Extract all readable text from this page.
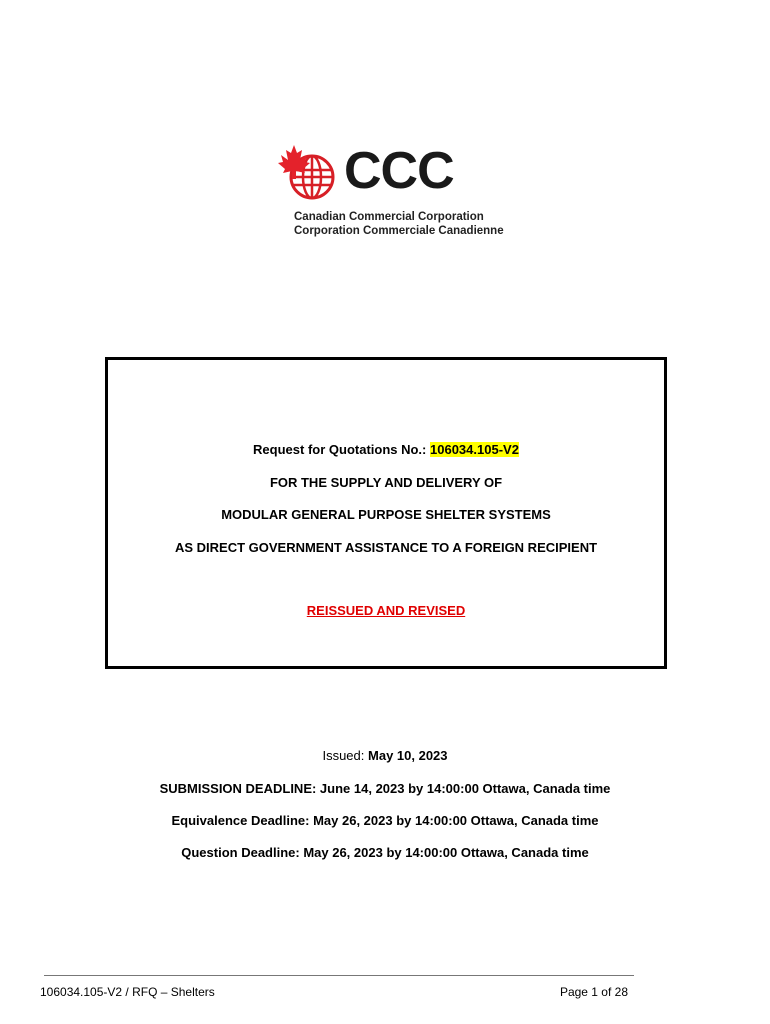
CCC
Canadian Commercial Corporation
Corporation Commerciale Canadienne
Request for Quotations No.: 106034.105-V2
FOR THE SUPPLY AND DELIVERY OF
MODULAR GENERAL PURPOSE SHELTER SYSTEMS
AS DIRECT GOVERNMENT ASSISTANCE TO A FOREIGN RECIPIENT
REISSUED AND REVISED
Issued: May 10, 2023
SUBMISSION DEADLINE: June 14, 2023 by 14:00:00 Ottawa, Canada time
Equivalence Deadline: May 26, 2023 by 14:00:00 Ottawa, Canada time
Question Deadline: May 26, 2023 by 14:00:00 Ottawa, Canada time
106034.105-V2 / RFQ – Shelters	Page 1 of 28
